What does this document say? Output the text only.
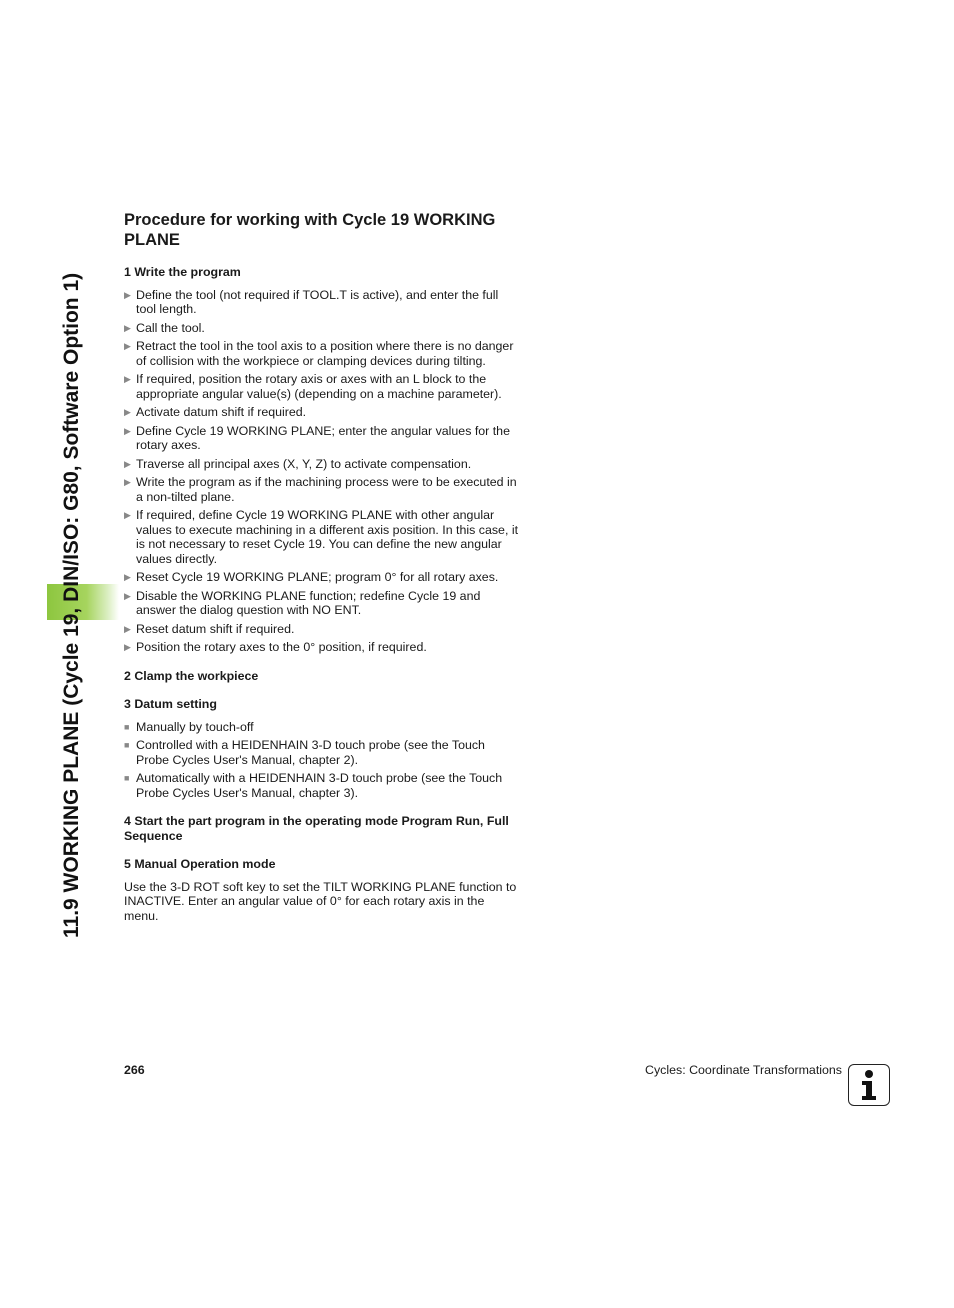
11.9 WORKING PLANE (Cycle 19, DIN/ISO: G80, Software Option 1)
Procedure for working with Cycle 19 WORKING PLANE
1 Write the program
▶ Define the tool (not required if TOOL.T is active), and enter the full tool length.
▶ Call the tool.
▶ Retract the tool in the tool axis to a position where there is no danger of collision with the workpiece or clamping devices during tilting.
▶ If required, position the rotary axis or axes with an L block to the appropriate angular value(s) (depending on a machine parameter).
▶ Activate datum shift if required.
▶ Define Cycle 19 WORKING PLANE; enter the angular values for the rotary axes.
▶ Traverse all principal axes (X, Y, Z) to activate compensation.
▶ Write the program as if the machining process were to be executed in a non-tilted plane.
▶ If required, define Cycle 19 WORKING PLANE with other angular values to execute machining in a different axis position. In this case, it is not necessary to reset Cycle 19. You can define the new angular values directly.
▶ Reset Cycle 19 WORKING PLANE; program 0° for all rotary axes.
▶ Disable the WORKING PLANE function; redefine Cycle 19 and answer the dialog question with NO ENT.
▶ Reset datum shift if required.
▶ Position the rotary axes to the 0° position, if required.
2 Clamp the workpiece
3 Datum setting
■ Manually by touch-off
■ Controlled with a HEIDENHAIN 3-D touch probe (see the Touch Probe Cycles User's Manual, chapter 2).
■ Automatically with a HEIDENHAIN 3-D touch probe (see the Touch Probe Cycles User's Manual, chapter 3).
4 Start the part program in the operating mode Program Run, Full Sequence
5 Manual Operation mode

Use the 3-D ROT soft key to set the TILT WORKING PLANE function to INACTIVE. Enter an angular value of 0° for each rotary axis in the menu.

266	Cycles: Coordinate Transformations
